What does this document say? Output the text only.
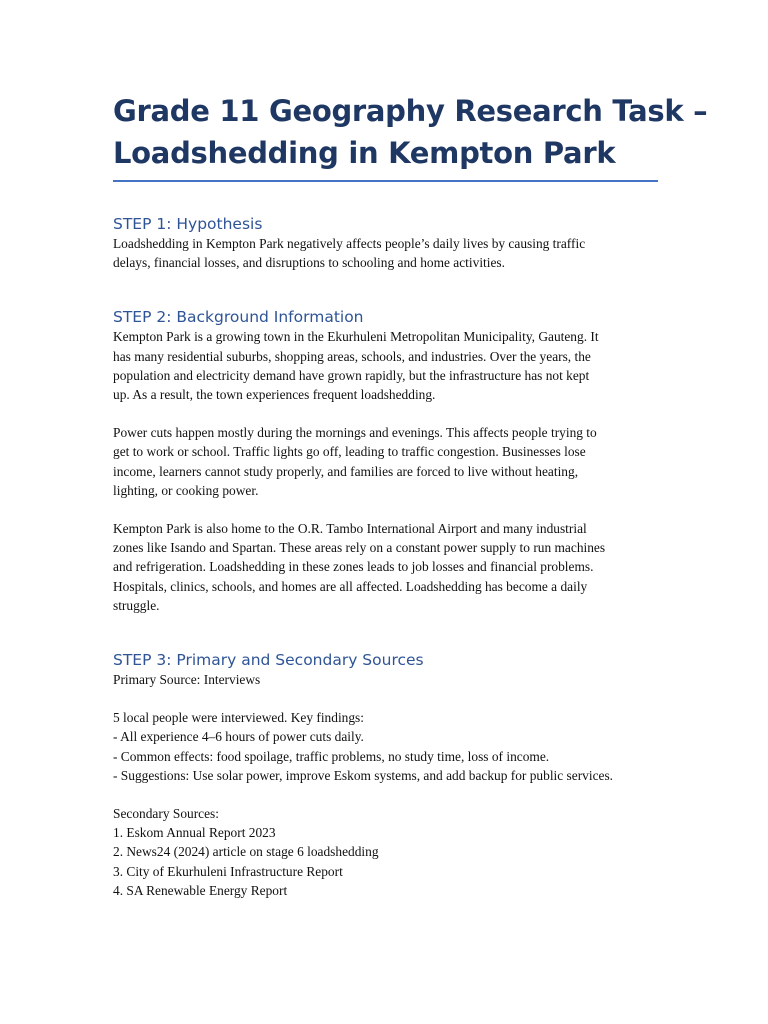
Grade 11 Geography Research Task –
Loadshedding in Kempton Park
STEP 1: Hypothesis

Loadshedding in Kempton Park negatively affects people’s daily lives by causing traffic
delays, financial losses, and disruptions to schooling and home activities.

STEP 2: Background Information

Kempton Park is a growing town in the Ekurhuleni Metropolitan Municipality, Gauteng. It
has many residential suburbs, shopping areas, schools, and industries. Over the years, the
population and electricity demand have grown rapidly, but the infrastructure has not kept
up. As a result, the town experiences frequent loadshedding.

Power cuts happen mostly during the mornings and evenings. This affects people trying to
get to work or school. Traffic lights go off, leading to traffic congestion. Businesses lose
income, learners cannot study properly, and families are forced to live without heating,
lighting, or cooking power.

Kempton Park is also home to the O.R. Tambo International Airport and many industrial
zones like Isando and Spartan. These areas rely on a constant power supply to run machines
and refrigeration. Loadshedding in these zones leads to job losses and financial problems.
Hospitals, clinics, schools, and homes are all affected. Loadshedding has become a daily
struggle.

STEP 3: Primary and Secondary Sources

Primary Source: Interviews

5 local people were interviewed. Key findings:
- All experience 4–6 hours of power cuts daily.
- Common effects: food spoilage, traffic problems, no study time, loss of income.
- Suggestions: Use solar power, improve Eskom systems, and add backup for public services.

Secondary Sources:
1. Eskom Annual Report 2023
2. News24 (2024) article on stage 6 loadshedding
3. City of Ekurhuleni Infrastructure Report
4. SA Renewable Energy Report
